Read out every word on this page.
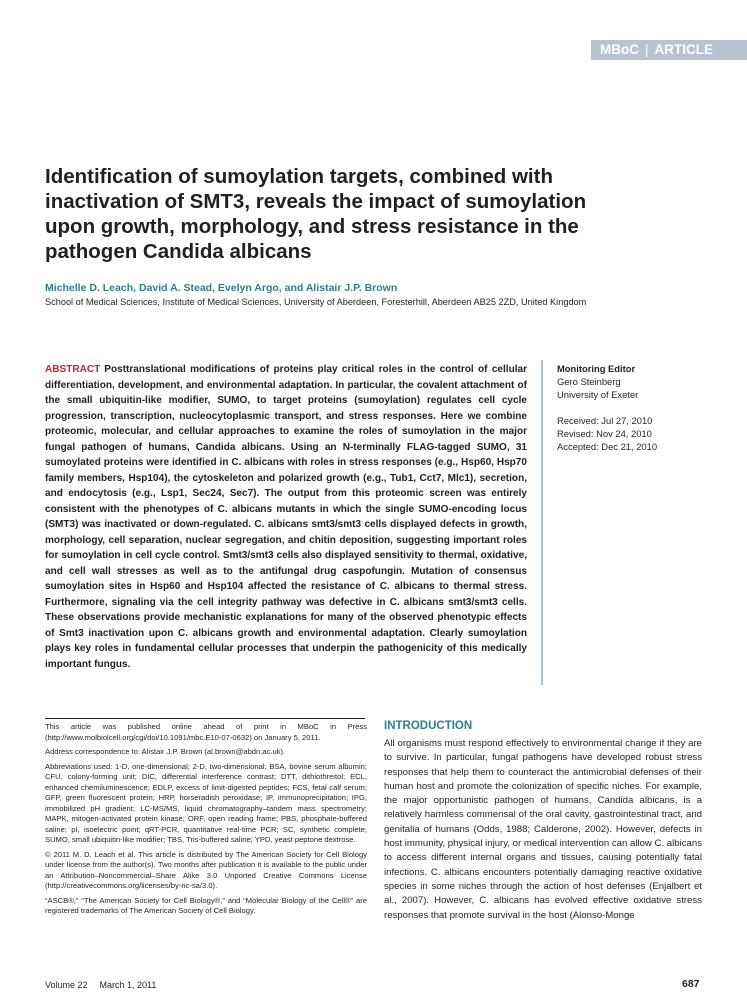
MBoC | ARTICLE
Identification of sumoylation targets, combined with inactivation of SMT3, reveals the impact of sumoylation upon growth, morphology, and stress resistance in the pathogen Candida albicans
Michelle D. Leach, David A. Stead, Evelyn Argo, and Alistair J.P. Brown
School of Medical Sciences, Institute of Medical Sciences, University of Aberdeen, Foresterhill, Aberdeen AB25 2ZD, United Kingdom
ABSTRACT Posttranslational modifications of proteins play critical roles in the control of cellular differentiation, development, and environmental adaptation. In particular, the covalent attachment of the small ubiquitin-like modifier, SUMO, to target proteins (sumoylation) regulates cell cycle progression, transcription, nucleocytoplasmic transport, and stress responses. Here we combine proteomic, molecular, and cellular approaches to examine the roles of sumoylation in the major fungal pathogen of humans, Candida albicans. Using an N-terminally FLAG-tagged SUMO, 31 sumoylated proteins were identified in C. albicans with roles in stress responses (e.g., Hsp60, Hsp70 family members, Hsp104), the cytoskeleton and polarized growth (e.g., Tub1, Cct7, Mlc1), secretion, and endocytosis (e.g., Lsp1, Sec24, Sec7). The output from this proteomic screen was entirely consistent with the phenotypes of C. albicans mutants in which the single SUMO-encoding locus (SMT3) was inactivated or down-regulated. C. albicans smt3/smt3 cells displayed defects in growth, morphology, cell separation, nuclear segregation, and chitin deposition, suggesting important roles for sumoylation in cell cycle control. Smt3/smt3 cells also displayed sensitivity to thermal, oxidative, and cell wall stresses as well as to the antifungal drug caspofungin. Mutation of consensus sumoylation sites in Hsp60 and Hsp104 affected the resistance of C. albicans to thermal stress. Furthermore, signaling via the cell integrity pathway was defective in C. albicans smt3/smt3 cells. These observations provide mechanistic explanations for many of the observed phenotypic effects of Smt3 inactivation upon C. albicans growth and environmental adaptation. Clearly sumoylation plays key roles in fundamental cellular processes that underpin the pathogenicity of this medically important fungus.
Monitoring Editor
Gero Steinberg
University of Exeter
Received: Jul 27, 2010
Revised: Nov 24, 2010
Accepted: Dec 21, 2010

This article was published online ahead of print in MBoC in Press (http://www.molbiolcell.org/cgi/doi/10.1091/mbc.E10-07-0632) on January 5, 2011.

Address correspondence to: Alistair J.P. Brown (al.brown@abdn.ac.uk).

Abbreviations used: 1-D, one-dimensional; 2-D, two-dimensional; BSA, bovine serum albumin; CFU, colony-forming unit; DIC, differential interference contrast; DTT, dithiothreitol; ECL, enhanced chemiluminescence; EDLP, excess of limit-digested peptides; FCS, fetal calf serum; GFP, green fluorescent protein; HRP, horseradish peroxidase; IP, immunoprecipitation; IPG, immobilized pH gradient; LC-MS/MS, liquid chromatography–tandem mass spectrometry; MAPK, mitogen-activated protein kinase; ORF, open reading frame; PBS, phosphate-buffered saline; pI, isoelectric point; qRT-PCR, quantitative real-time PCR; SC, synthetic complete; SUMO, small ubiquitin-like modifier; TBS, Tris-buffered saline; YPD, yeast peptone dextrose.

© 2011 M. D. Leach et al. This article is distributed by The American Society for Cell Biology under license from the author(s). Two months after publication it is available to the public under an Attribution–Noncommercial–Share Alike 3.0 Unported Creative Commons License (http://creativecommons.org/licenses/by-nc-sa/3.0).

“ASCB®,” “The American Society for Cell Biology®,” and “Molecular Biology of the Cell®” are registered trademarks of The American Society of Cell Biology.

INTRODUCTION
All organisms must respond effectively to environmental change if they are to survive. In particular, fungal pathogens have developed robust stress responses that help them to counteract the antimicrobial defenses of their human host and promote the colonization of specific niches. For example, the major opportunistic pathogen of humans, Candida albicans, is a relatively harmless commensal of the oral cavity, gastrointestinal tract, and genitalia of humans (Odds, 1988; Calderone, 2002). However, defects in host immunity, physical injury, or medical intervention can allow C. albicans to access different internal organs and tissues, causing potentially fatal infections. C. albicans encounters potentially damaging reactive oxidative species in some niches through the action of host defenses (Enjalbert et al., 2007). However, C. albicans has evolved effective oxidative stress responses that promote survival in the host (Alonso-Monge
Volume 22 March 1, 2011	687
